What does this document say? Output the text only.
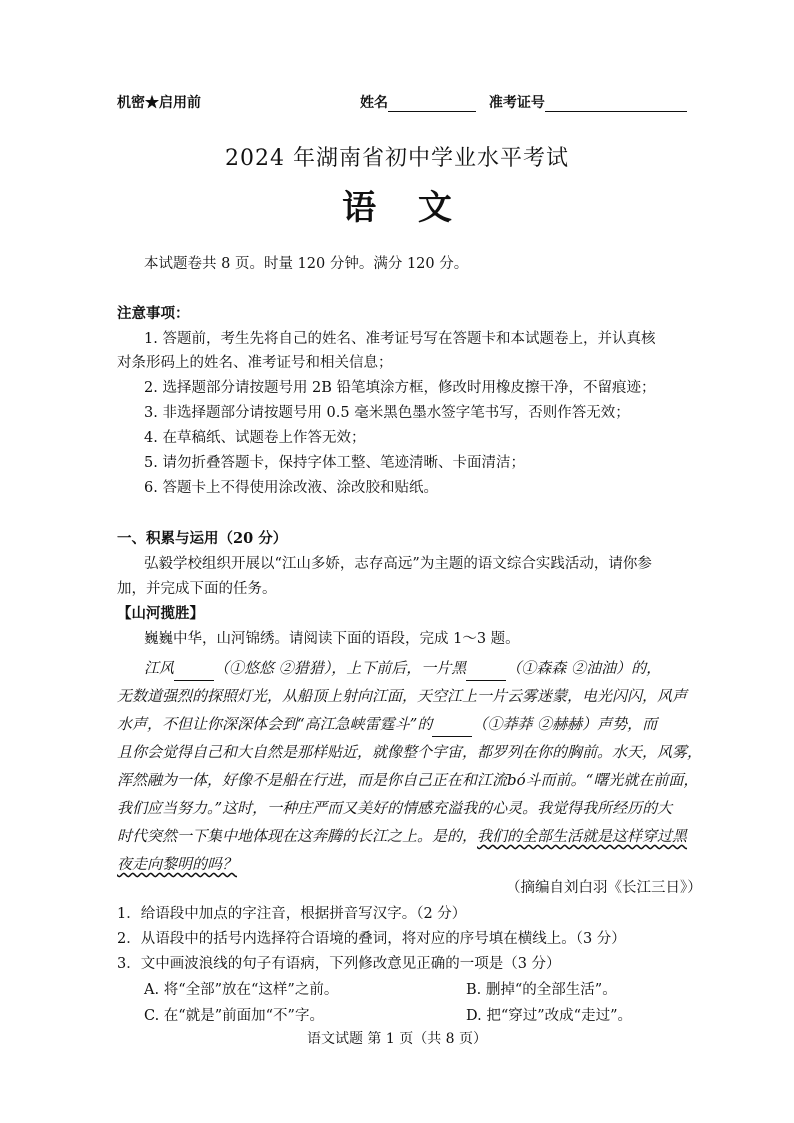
机密★启用前	姓名	准考证号
2024 年湖南省初中学业水平考试
语 文
本试题卷共 8 页。时量 120 分钟。满分 120 分。
注意事项：
1. 答题前，考生先将自己的姓名、准考证号写在答题卡和本试题卷上，并认真核
对条形码上的姓名、准考证号和相关信息；
2. 选择题部分请按题号用 2B 铅笔填涂方框，修改时用橡皮擦干净，不留痕迹；
3. 非选择题部分请按题号用 0.5 毫米黑色墨水签字笔书写，否则作答无效；
4. 在草稿纸、试题卷上作答无效；
5. 请勿折叠答题卡，保持字体工整、笔迹清晰、卡面清洁；
6. 答题卡上不得使用涂改液、涂改胶和贴纸。
一、积累与运用（20 分）
弘毅学校组织开展以“江山多娇，志存高远”为主题的语文综合实践活动，请你参
加，并完成下面的任务。
【山河揽胜】
巍巍中华，山河锦绣。请阅读下面的语段，完成 1～3 题。
江风	（①悠悠 ②猎猎），上下前后，一片黑	（①森森 ②油油）的，
无数道强烈的探照灯光，从船顶上射向江面，天空江上一片云雾迷蒙，电光闪闪，风声
水声，不但让你深深体会到“高江急峡雷霆斗”的	（①莽莽 ②赫赫）声势，而
且你会觉得自己和大自然是那样贴近，就像整个宇宙，都罗列在你的胸前。水天，风雾，
浑然融为一体，好像不是船在行进，而是你自己正在和江流bó斗而前。“曙光就在前面，
我们应当努力。”这时，一种庄严而又美好的情感充溢我的心灵。我觉得我所经历的大
时代突然一下集中地体现在这奔腾的长江之上。是的，我们的全部生活就是这样穿过黑
夜走向黎明的吗？
（摘编自刘白羽《长江三日》）
1．给语段中加点的字注音，根据拼音写汉字。（2 分）
2．从语段中的括号内选择符合语境的叠词，将对应的序号填在横线上。（3 分）
3．文中画波浪线的句子有语病，下列修改意见正确的一项是（3 分）
A. 将“全部”放在“这样”之前。	B. 删掉“的全部生活”。
C. 在“就是”前面加“不”字。	D. 把“穿过”改成“走过”。
语文试题 第 1 页（共 8 页）
